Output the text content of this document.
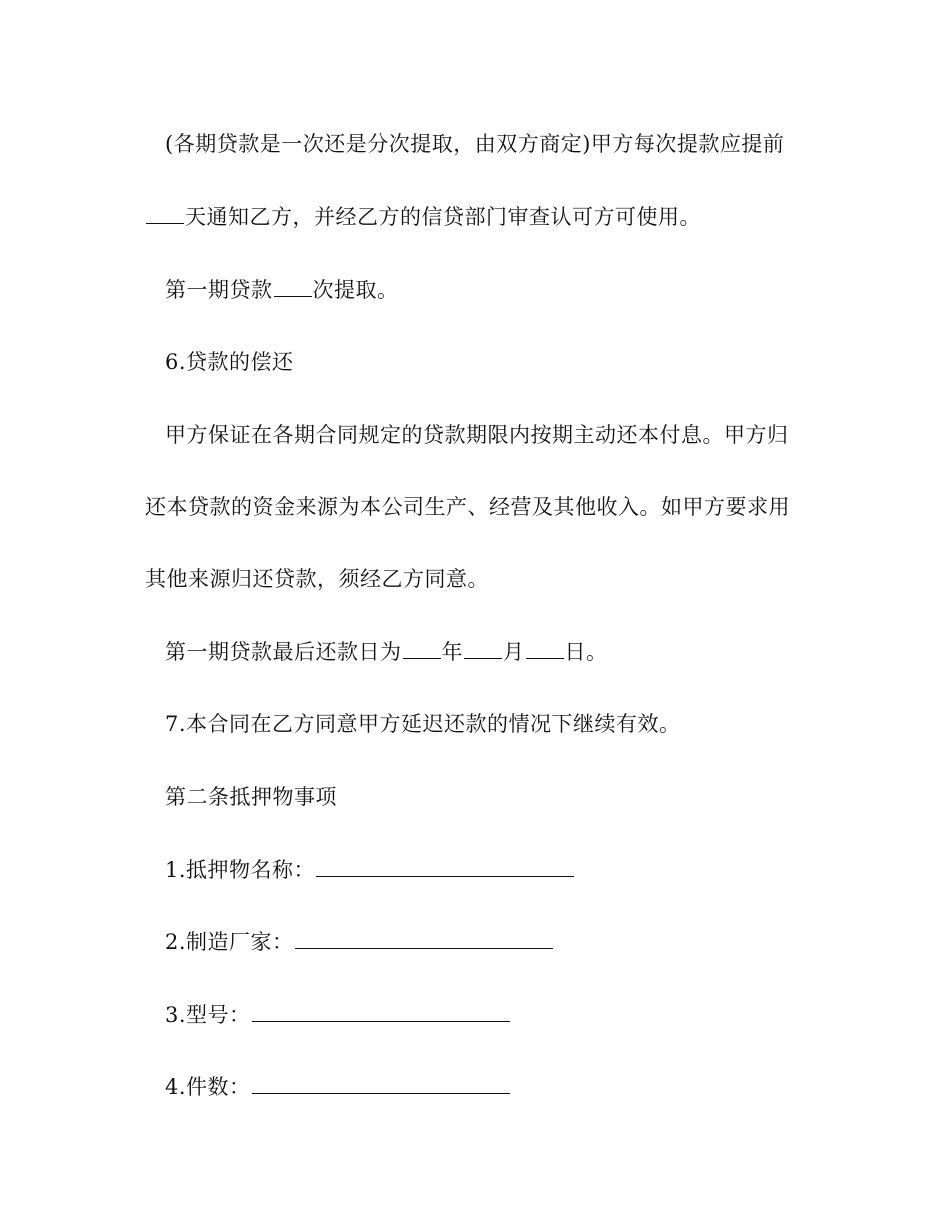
(各期贷款是一次还是分次提取，由双方商定)甲方每次提款应提前
天通知乙方，并经乙方的信贷部门审查认可方可使用。
第一期贷款 次提取。
6.贷款的偿还
甲方保证在各期合同规定的贷款期限内按期主动还本付息。甲方归
还本贷款的资金来源为本公司生产、经营及其他收入。如甲方要求用
其他来源归还贷款，须经乙方同意。
第一期贷款最后还款日为 年 月 日。
7.本合同在乙方同意甲方延迟还款的情况下继续有效。
第二条抵押物事项
1.抵押物名称：
2.制造厂家：
3.型号：
4.件数：
